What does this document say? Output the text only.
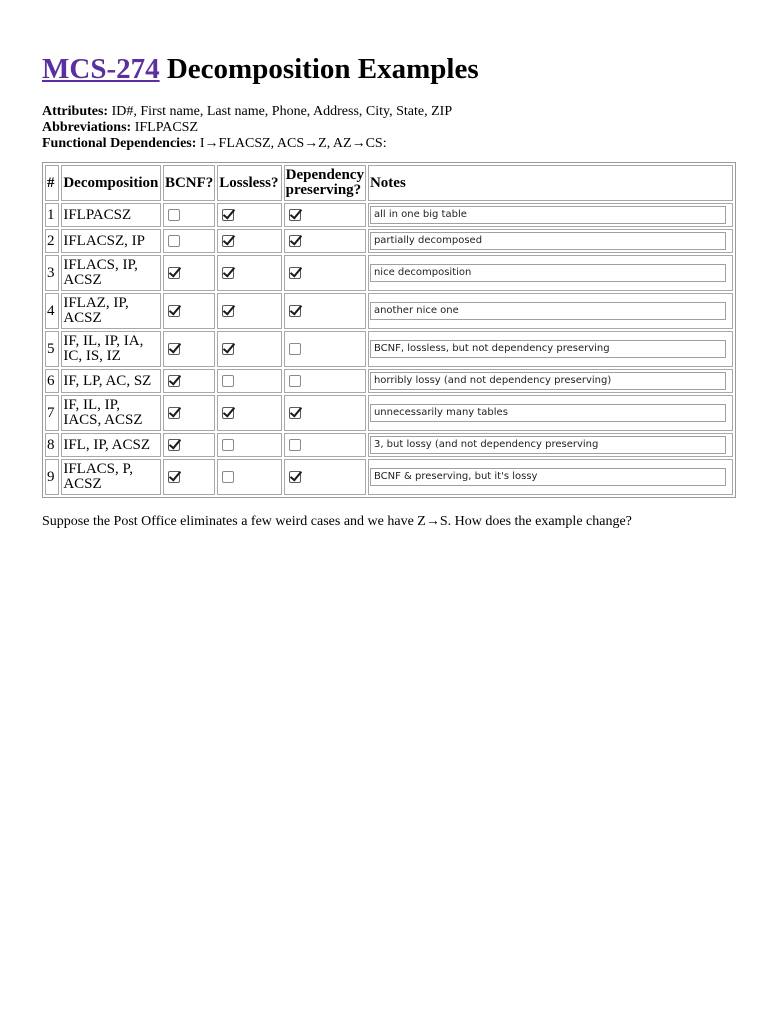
MCS-274 Decomposition Examples
Attributes: ID#, First name, Last name, Phone, Address, City, State, ZIP
Abbreviations: IFLPACSZ
Functional Dependencies: I→FLACSZ, ACS→Z, AZ→CS:
#	Decomposition	BCNF?	Lossless?	Dependency
preserving?	Notes
1	IFLPACSZ				all in one big table

2	IFLACSZ, IP				partially decomposed

3	IFLACS, IP, ACSZ				nice decomposition

4	IFLAZ, IP, ACSZ				another nice one

5	IF, IL, IP, IA, IC, IS, IZ				BCNF, lossless, but not dependency preserving

6	IF, LP, AC, SZ				horribly lossy (and not dependency preserving)

7	IF, IL, IP, IACS, ACSZ				unnecessarily many tables

8	IFL, IP, ACSZ				3, but lossy (and not dependency preserving

9	IFLACS, P, ACSZ				BCNF & preserving, but it's lossy
Suppose the Post Office eliminates a few weird cases and we have Z→S. How does the example change?
